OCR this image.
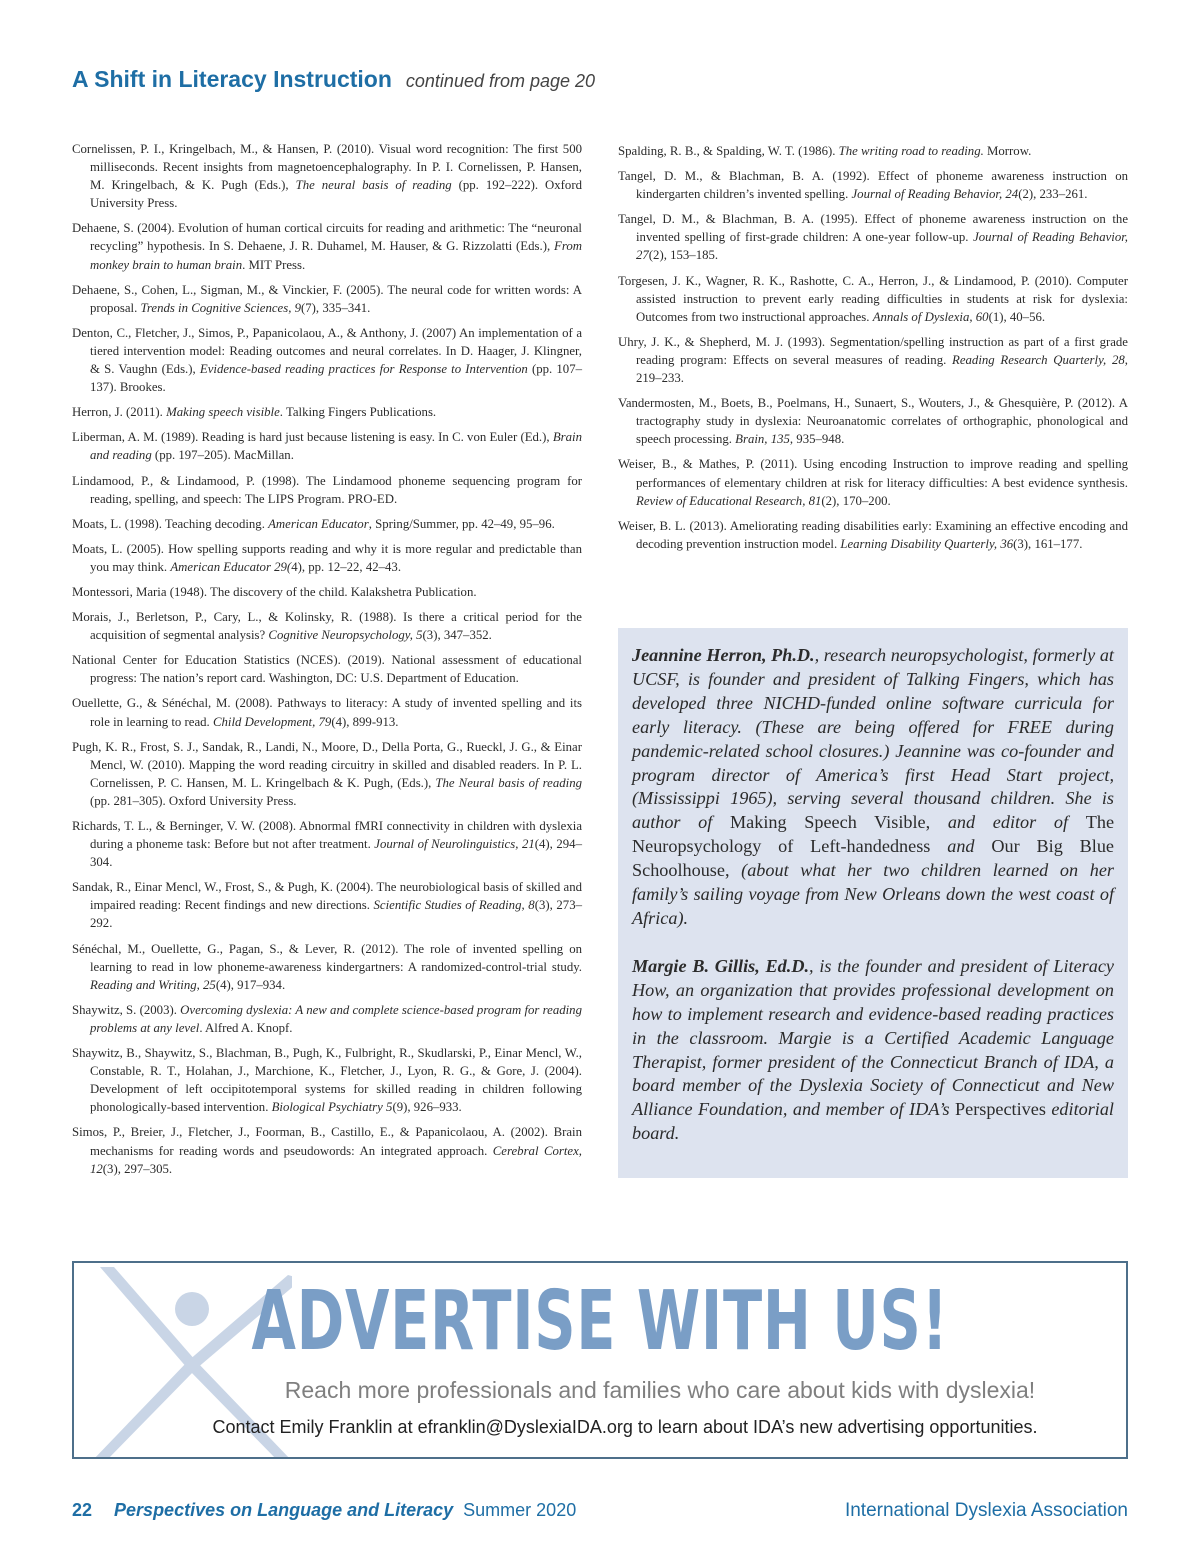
A Shift in Literacy Instruction continued from page 20
Cornelissen, P. I., Kringelbach, M., & Hansen, P. (2010). Visual word recognition: The first 500 milliseconds. Recent insights from magnetoencephalography. In P. I. Cornelissen, P. Hansen, M. Kringelbach, & K. Pugh (Eds.), The neural basis of reading (pp. 192–222). Oxford University Press.
Dehaene, S. (2004). Evolution of human cortical circuits for reading and arithmetic: The “neuronal recycling” hypothesis. In S. Dehaene, J. R. Duhamel, M. Hauser, & G. Rizzolatti (Eds.), From monkey brain to human brain. MIT Press.
Dehaene, S., Cohen, L., Sigman, M., & Vinckier, F. (2005). The neural code for written words: A proposal. Trends in Cognitive Sciences, 9(7), 335–341.
Denton, C., Fletcher, J., Simos, P., Papanicolaou, A., & Anthony, J. (2007) An implementation of a tiered intervention model: Reading outcomes and neural correlates. In D. Haager, J. Klingner, & S. Vaughn (Eds.), Evidence-based reading practices for Response to Intervention (pp. 107–137). Brookes.
Herron, J. (2011). Making speech visible. Talking Fingers Publications.
Liberman, A. M. (1989). Reading is hard just because listening is easy. In C. von Euler (Ed.), Brain and reading (pp. 197–205). MacMillan.
Lindamood, P., & Lindamood, P. (1998). The Lindamood phoneme sequencing program for reading, spelling, and speech: The LIPS Program. PRO-ED.
Moats, L. (1998). Teaching decoding. American Educator, Spring/Summer, pp. 42–49, 95–96.
Moats, L. (2005). How spelling supports reading and why it is more regular and predictable than you may think. American Educator 29(4), pp. 12–22, 42–43.
Montessori, Maria (1948). The discovery of the child. Kalakshetra Publication.
Morais, J., Berletson, P., Cary, L., & Kolinsky, R. (1988). Is there a critical period for the acquisition of segmental analysis? Cognitive Neuropsychology, 5(3), 347–352.
National Center for Education Statistics (NCES). (2019). National assessment of educational progress: The nation’s report card. Washington, DC: U.S. Department of Education.
Ouellette, G., & Sénéchal, M. (2008). Pathways to literacy: A study of invented spelling and its role in learning to read. Child Development, 79(4), 899-913.
Pugh, K. R., Frost, S. J., Sandak, R., Landi, N., Moore, D., Della Porta, G., Rueckl, J. G., & Einar Mencl, W. (2010). Mapping the word reading circuitry in skilled and disabled readers. In P. L. Cornelissen, P. C. Hansen, M. L. Kringelbach & K. Pugh, (Eds.), The Neural basis of reading (pp. 281–305). Oxford University Press.
Richards, T. L., & Berninger, V. W. (2008). Abnormal fMRI connectivity in children with dyslexia during a phoneme task: Before but not after treatment. Journal of Neurolinguistics, 21(4), 294–304.
Sandak, R., Einar Mencl, W., Frost, S., & Pugh, K. (2004). The neurobiological basis of skilled and impaired reading: Recent findings and new directions. Scientific Studies of Reading, 8(3), 273–292.
Sénéchal, M., Ouellette, G., Pagan, S., & Lever, R. (2012). The role of invented spelling on learning to read in low phoneme-awareness kindergartners: A randomized-control-trial study. Reading and Writing, 25(4), 917–934.
Shaywitz, S. (2003). Overcoming dyslexia: A new and complete science-based program for reading problems at any level. Alfred A. Knopf.
Shaywitz, B., Shaywitz, S., Blachman, B., Pugh, K., Fulbright, R., Skudlarski, P., Einar Mencl, W., Constable, R. T., Holahan, J., Marchione, K., Fletcher, J., Lyon, R. G., & Gore, J. (2004). Development of left occipitotemporal systems for skilled reading in children following phonologically-based intervention. Biological Psychiatry 5(9), 926–933.
Simos, P., Breier, J., Fletcher, J., Foorman, B., Castillo, E., & Papanicolaou, A. (2002). Brain mechanisms for reading words and pseudowords: An integrated approach. Cerebral Cortex, 12(3), 297–305.
Spalding, R. B., & Spalding, W. T. (1986). The writing road to reading. Morrow.
Tangel, D. M., & Blachman, B. A. (1992). Effect of phoneme awareness instruction on kindergarten children’s invented spelling. Journal of Reading Behavior, 24(2), 233–261.
Tangel, D. M., & Blachman, B. A. (1995). Effect of phoneme awareness instruction on the invented spelling of first-grade children: A one-year follow-up. Journal of Reading Behavior, 27(2), 153–185.
Torgesen, J. K., Wagner, R. K., Rashotte, C. A., Herron, J., & Lindamood, P. (2010). Computer assisted instruction to prevent early reading difficulties in students at risk for dyslexia: Outcomes from two instructional approaches. Annals of Dyslexia, 60(1), 40–56.
Uhry, J. K., & Shepherd, M. J. (1993). Segmentation/spelling instruction as part of a first grade reading program: Effects on several measures of reading. Reading Research Quarterly, 28, 219–233.
Vandermosten, M., Boets, B., Poelmans, H., Sunaert, S., Wouters, J., & Ghesquière, P. (2012). A tractography study in dyslexia: Neuroanatomic correlates of orthographic, phonological and speech processing. Brain, 135, 935–948.
Weiser, B., & Mathes, P. (2011). Using encoding Instruction to improve reading and spelling performances of elementary children at risk for literacy difficulties: A best evidence synthesis. Review of Educational Research, 81(2), 170–200.
Weiser, B. L. (2013). Ameliorating reading disabilities early: Examining an effective encoding and decoding prevention instruction model. Learning Disability Quarterly, 36(3), 161–177.

Jeannine Herron, Ph.D., research neuropsychologist, formerly at UCSF, is founder and president of Talking Fingers, which has developed three NICHD-funded online software curricula for early literacy. (These are being offered for FREE during pandemic-related school closures.) Jeannine was co-founder and program director of America’s first Head Start project, (Mississippi 1965), serving several thousand children. She is author of Making Speech Visible, and editor of The Neuropsychology of Left-handedness and Our Big Blue Schoolhouse, (about what her two children learned on her family’s sailing voyage from New Orleans down the west coast of Africa).

Margie B. Gillis, Ed.D., is the founder and president of Literacy How, an organization that provides professional development on how to implement research and evidence-based reading practices in the classroom. Margie is a Certified Academic Language Therapist, former president of the Connecticut Branch of IDA, a board member of the Dyslexia Society of Connecticut and New Alliance Foundation, and member of IDA’s Perspectives editorial board.

ADVERTISE WITH US!
Reach more professionals and families who care about kids with dyslexia!
Contact Emily Franklin at efranklin@DyslexiaIDA.org to learn about IDA’s new advertising opportunities.
22 Perspectives on Language and Literacy Summer 2020	International Dyslexia Association
